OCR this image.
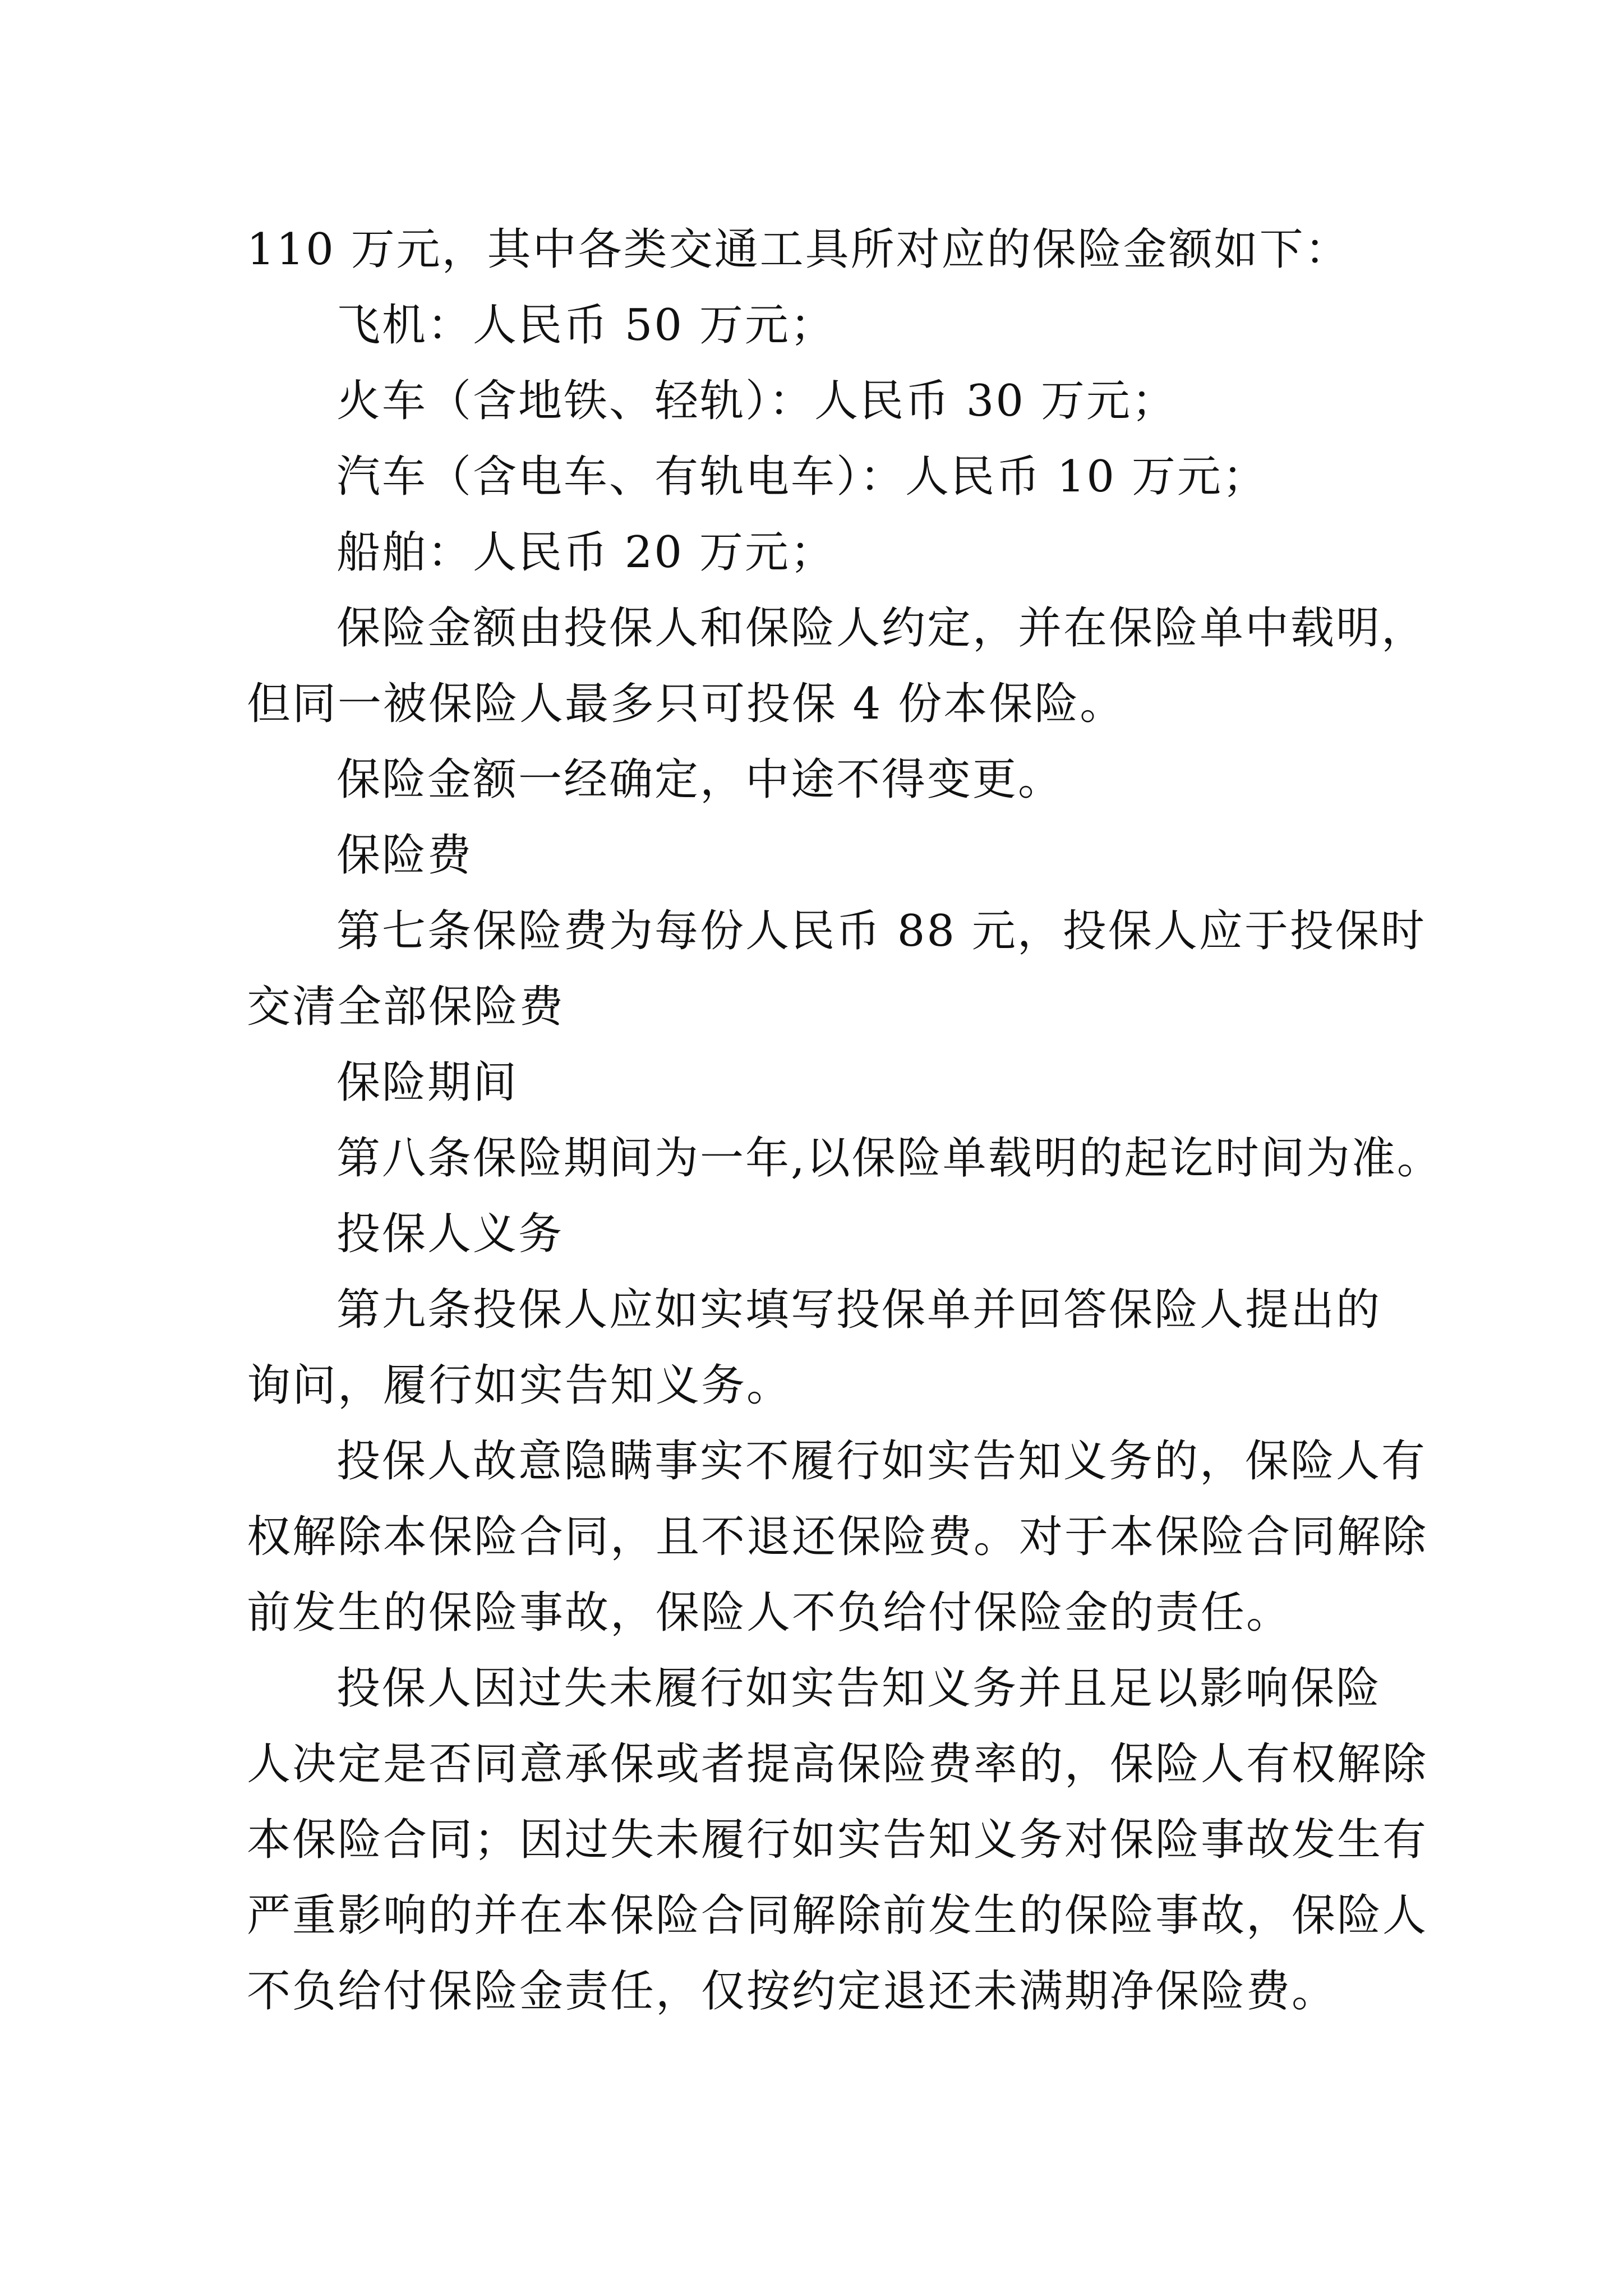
110 万元，其中各类交通工具所对应的保险金额如下：
飞机：人民币 50 万元；
火车（含地铁、轻轨）：人民币 30 万元；
汽车（含电车、有轨电车）：人民币 10 万元；
船舶：人民币 20 万元；
保险金额由投保人和保险人约定，并在保险单中载明，
但同一被保险人最多只可投保 4 份本保险。
保险金额一经确定，中途不得变更。
保险费
第七条保险费为每份人民币 88 元，投保人应于投保时
交清全部保险费
保险期间
第八条保险期间为一年,以保险单载明的起讫时间为准。
投保人义务
第九条投保人应如实填写投保单并回答保险人提出的
询问，履行如实告知义务。
投保人故意隐瞒事实不履行如实告知义务的，保险人有
权解除本保险合同，且不退还保险费。对于本保险合同解除
前发生的保险事故，保险人不负给付保险金的责任。
投保人因过失未履行如实告知义务并且足以影响保险
人决定是否同意承保或者提高保险费率的，保险人有权解除
本保险合同；因过失未履行如实告知义务对保险事故发生有
严重影响的并在本保险合同解除前发生的保险事故，保险人
不负给付保险金责任，仅按约定退还未满期净保险费。
